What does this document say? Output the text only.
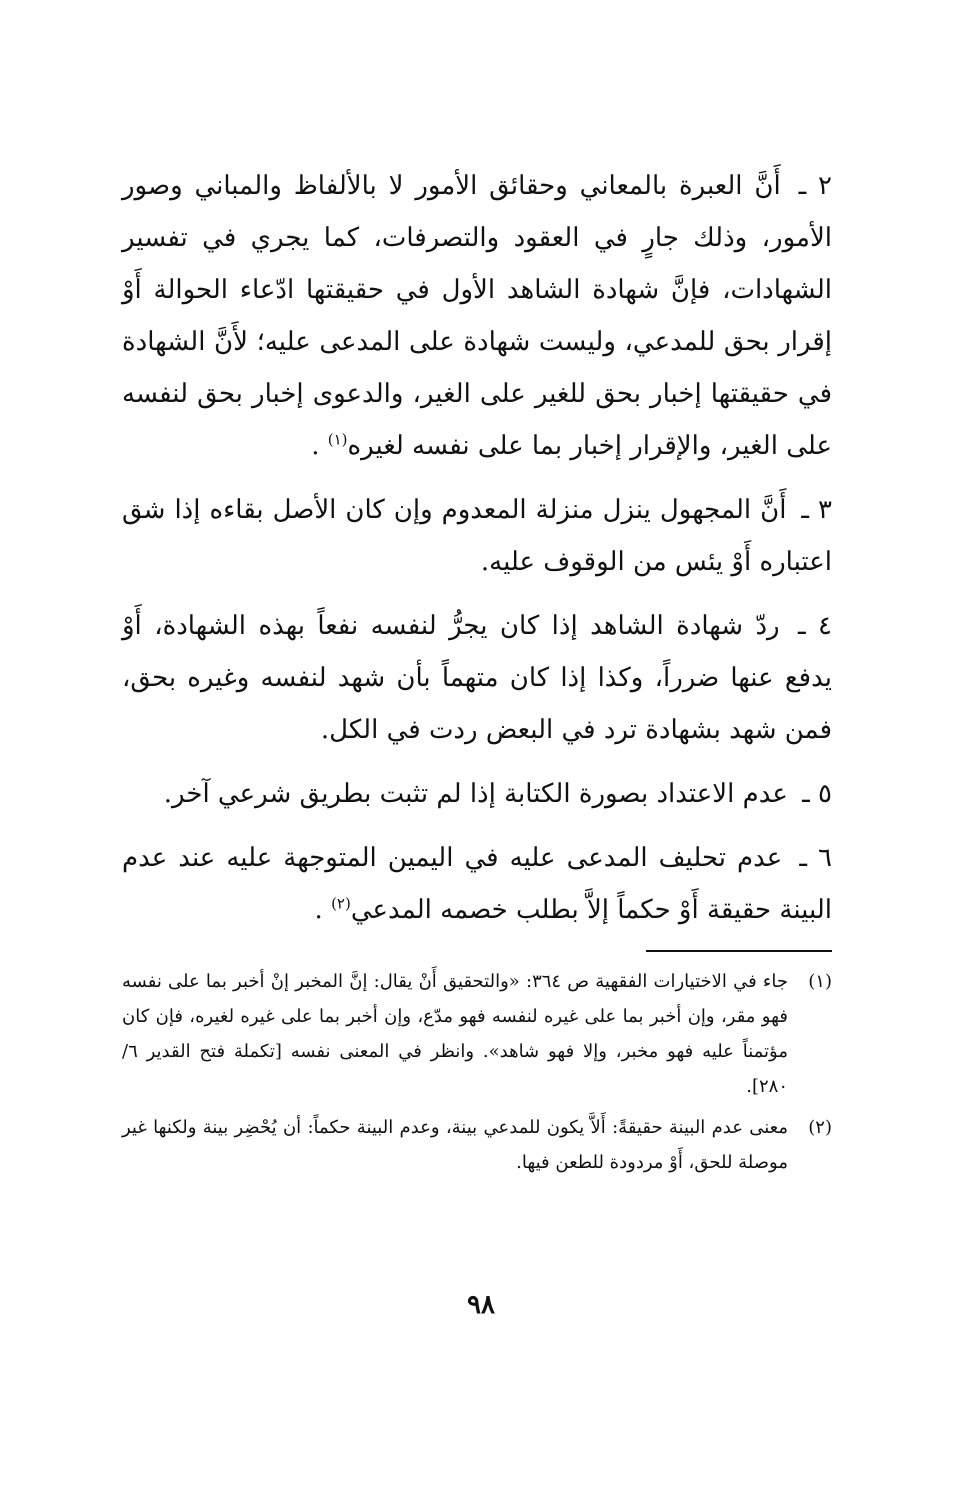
٢ ـ أَنَّ العبرة بالمعاني وحقائق الأمور لا بالألفاظ والمباني وصور الأمور، وذلك جارٍ في العقود والتصرفات، كما يجري في تفسير الشهادات، فإنَّ شهادة الشاهد الأول في حقيقتها ادّعاء الحوالة أَوْ إقرار بحق للمدعي، وليست شهادة على المدعى عليه؛ لأَنَّ الشهادة في حقيقتها إخبار بحق للغير على الغير، والدعوى إخبار بحق لنفسه على الغير، والإقرار إخبار بما على نفسه لغيره$^{(١)}$ .

٣ ـ أَنَّ المجهول ينزل منزلة المعدوم وإن كان الأصل بقاءه إذا شق اعتباره أَوْ يئس من الوقوف عليه.

٤ ـ ردّ شهادة الشاهد إذا كان يجرُّ لنفسه نفعاً بهذه الشهادة، أَوْ يدفع عنها ضرراً، وكذا إذا كان متهماً بأن شهد لنفسه وغيره بحق، فمن شهد بشهادة ترد في البعض ردت في الكل.

٥ ـ عدم الاعتداد بصورة الكتابة إذا لم تثبت بطريق شرعي آخر.

٦ ـ عدم تحليف المدعى عليه في اليمين المتوجهة عليه عند عدم البينة حقيقة أَوْ حكماً إلاَّ بطلب خصمه المدعي$^{(٢)}$ .

(١)
جاء في الاختيارات الفقهية ص ٣٦٤: «والتحقيق أَنْ يقال: إنَّ المخبر إنْ أخبر بما على نفسه فهو مقر، وإن أخبر بما على غيره لنفسه فهو مدّع، وإن أخبر بما على غيره لغيره، فإن كان مؤتمناً عليه فهو مخبر، وإلا فهو شاهد». وانظر في المعنى نفسه [تكملة فتح القدير ٦/ ٢٨٠].
(٢)
معنى عدم البينة حقيقةً: أَلاَّ يكون للمدعي بينة، وعدم البينة حكماً: أن يُحْضِر بينة ولكنها غير موصلة للحق، أَوْ مردودة للطعن فيها.
٩٨
